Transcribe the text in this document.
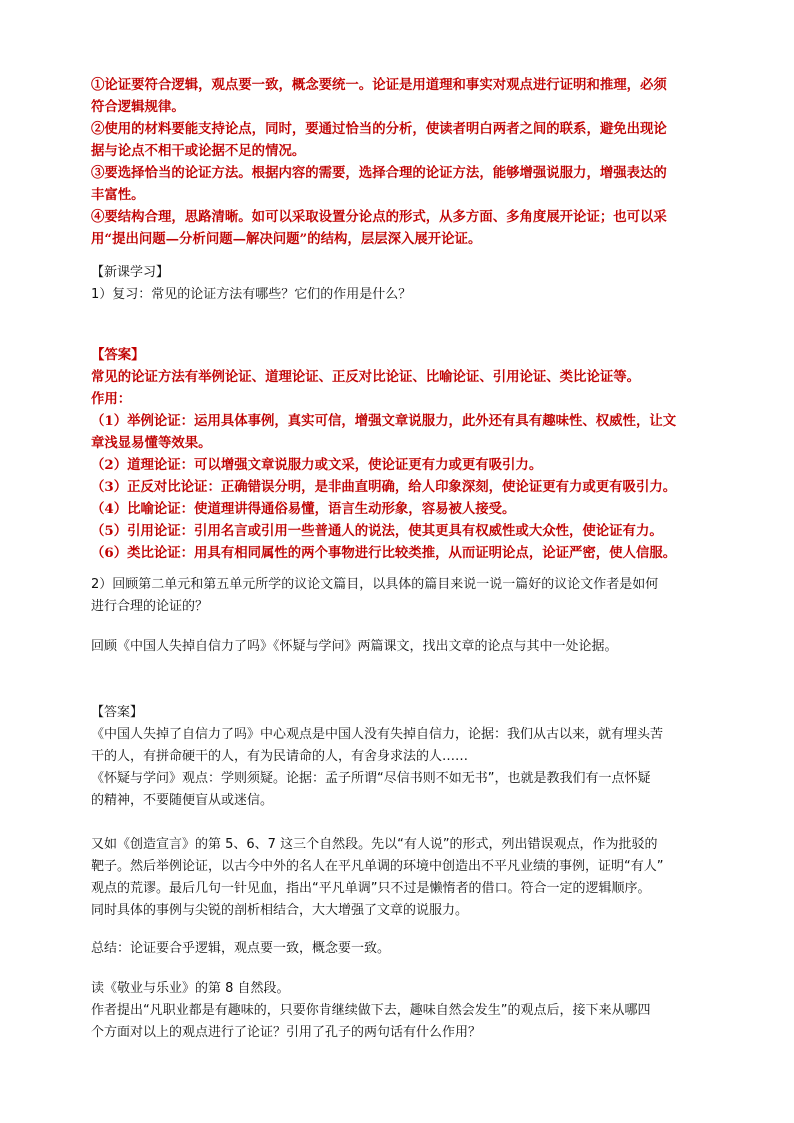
①论证要符合逻辑，观点要一致，概念要统一。论证是用道理和事实对观点进行证明和推理，必须
符合逻辑规律。
②使用的材料要能支持论点，同时，要通过恰当的分析，使读者明白两者之间的联系，避免出现论
据与论点不相干或论据不足的情况。
③要选择恰当的论证方法。根据内容的需要，选择合理的论证方法，能够增强说服力，增强表达的
丰富性。
④要结构合理，思路清晰。如可以采取设置分论点的形式，从多方面、多角度展开论证；也可以采
用“提出问题—分析问题—解决问题”的结构，层层深入展开论证。
【新课学习】
1）复习：常见的论证方法有哪些？它们的作用是什么？
【答案】
常见的论证方法有举例论证、道理论证、正反对比论证、比喻论证、引用论证、类比论证等。
作用：
（1）举例论证：运用具体事例，真实可信，增强文章说服力，此外还有具有趣味性、权威性，让文
章浅显易懂等效果。
（2）道理论证：可以增强文章说服力或文采，使论证更有力或更有吸引力。
（3）正反对比论证：正确错误分明，是非曲直明确，给人印象深刻，使论证更有力或更有吸引力。
（4）比喻论证：使道理讲得通俗易懂，语言生动形象，容易被人接受。
（5）引用论证：引用名言或引用一些普通人的说法，使其更具有权威性或大众性，使论证有力。
（6）类比论证：用具有相同属性的两个事物进行比较类推，从而证明论点，论证严密，使人信服。
2）回顾第二单元和第五单元所学的议论文篇目，以具体的篇目来说一说一篇好的议论文作者是如何
进行合理的论证的？
回顾《中国人失掉自信力了吗》《怀疑与学问》两篇课文，找出文章的论点与其中一处论据。
【答案】
《中国人失掉了自信力了吗》中心观点是中国人没有失掉自信力，论据：我们从古以来，就有埋头苦
干的人，有拼命硬干的人，有为民请命的人，有舍身求法的人……
《怀疑与学问》观点：学则须疑。论据：孟子所谓“尽信书则不如无书”，也就是教我们有一点怀疑
的精神，不要随便盲从或迷信。
又如《创造宣言》的第 5、6、7 这三个自然段。先以“有人说”的形式，列出错误观点，作为批驳的
靶子。然后举例论证，以古今中外的名人在平凡单调的环境中创造出不平凡业绩的事例，证明“有人”
观点的荒谬。最后几句一针见血，指出“平凡单调”只不过是懒惰者的借口。符合一定的逻辑顺序。
同时具体的事例与尖锐的剖析相结合，大大增强了文章的说服力。
总结：论证要合乎逻辑，观点要一致，概念要一致。
读《敬业与乐业》的第 8 自然段。
作者提出“凡职业都是有趣味的，只要你肯继续做下去，趣味自然会发生”的观点后，接下来从哪四
个方面对以上的观点进行了论证？引用了孔子的两句话有什么作用？
